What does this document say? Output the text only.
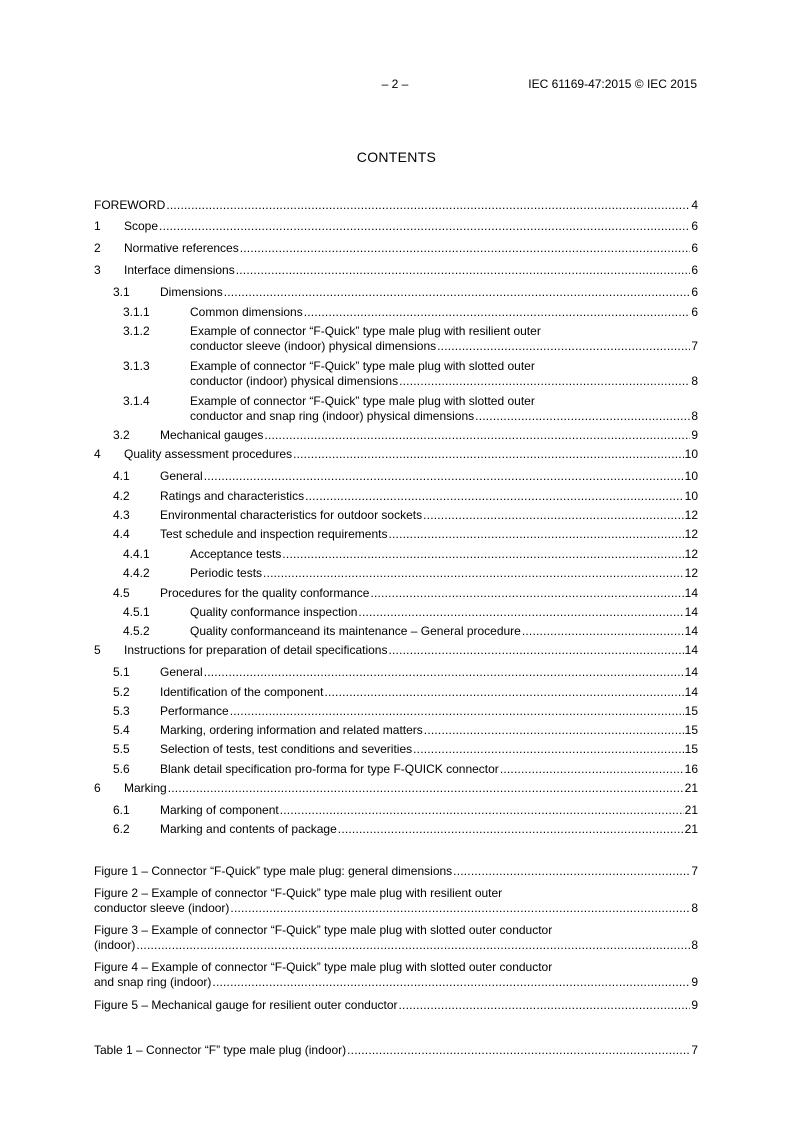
– 2 –	IEC 61169-47:2015 © IEC 2015
CONTENTS
FOREWORD .....	4
1 Scope .....	6
2 Normative references .....	6
3 Interface dimensions .....	6
3.1	Dimensions .....	6
3.1.1	Common dimensions .....	6
3.1.2	Example of connector “F-Quick” type male plug with resilient outer
conductor sleeve (indoor) physical dimensions .....	7
3.1.3	Example of connector “F-Quick” type male plug with slotted outer
conductor (indoor) physical dimensions .....	8
3.1.4	Example of connector “F-Quick” type male plug with slotted outer
conductor and snap ring (indoor) physical dimensions .....	8
3.2	Mechanical gauges .....	9
4 Quality assessment procedures .....	10
4.1	General .....	10
4.2	Ratings and characteristics .....	10
4.3	Environmental characteristics for outdoor sockets .....	12
4.4	Test schedule and inspection requirements .....	12
4.4.1	Acceptance tests .....	12
4.4.2	Periodic tests .....	12
4.5	Procedures for the quality conformance .....	14
4.5.1	Quality conformance inspection .....	14
4.5.2	Quality conformanceand its maintenance – General procedure .....	14
5 Instructions for preparation of detail specifications .....	14
5.1	General .....	14
5.2	Identification of the component .....	14
5.3	Performance .....	15
5.4	Marking, ordering information and related matters .....	15
5.5	Selection of tests, test conditions and severities .....	15
5.6	Blank detail specification pro-forma for type F-QUICK connector .....	16
6 Marking .....	21
6.1	Marking of component .....	21
6.2	Marking and contents of package .....	21
Figure 1 – Connector “F-Quick” type male plug: general dimensions .....	7
Figure 2 – Example of connector “F-Quick” type male plug with resilient outer
conductor sleeve (indoor) .....	8
Figure 3 – Example of connector “F-Quick” type male plug with slotted outer conductor
(indoor) .....	8
Figure 4 – Example of connector “F-Quick” type male plug with slotted outer conductor
and snap ring (indoor) .....	9
Figure 5 – Mechanical gauge for resilient outer conductor .....	9
Table 1 – Connector “F” type male plug (indoor) .....	7
